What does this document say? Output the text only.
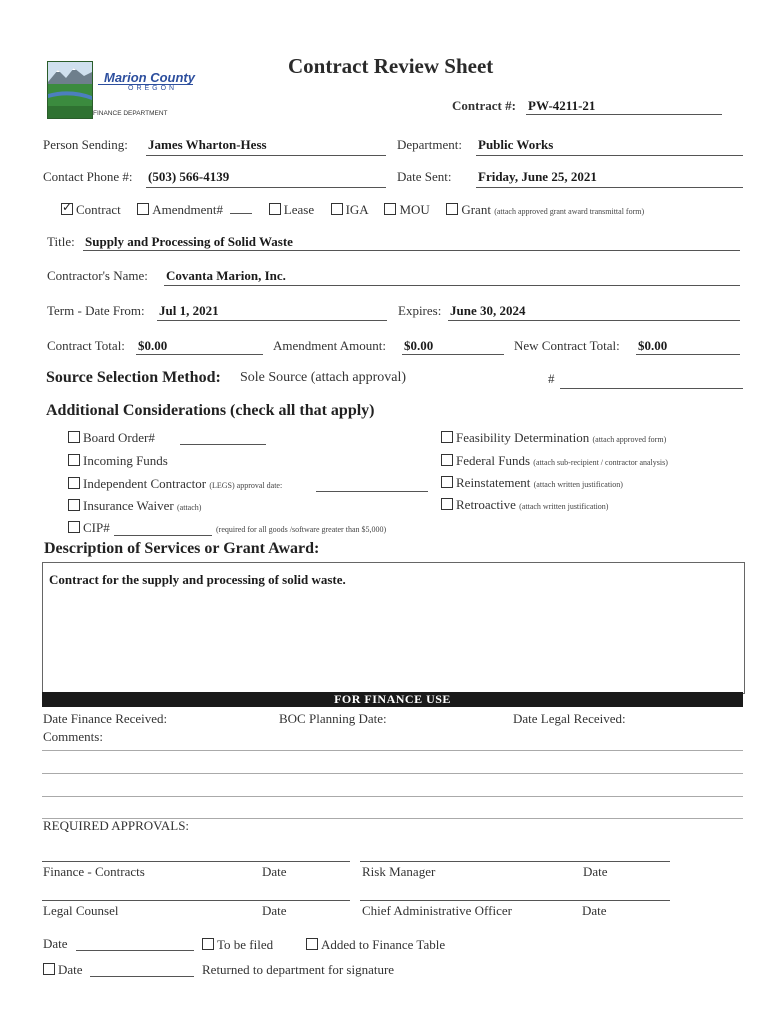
Marion County
OREGON
FINANCE DEPARTMENT
Contract Review Sheet
Contract #: PW-4211-21
Person Sending: James Wharton-Hess	Department: Public Works
Contact Phone #: (503) 566-4139	Date Sent: Friday, June 25, 2021
✓Contract Amendment#	Lease IGA MOU Grant (attach approved grant award transmittal form)
Title: Supply and Processing of Solid Waste
Contractor's Name: Covanta Marion, Inc.
Term - Date From: Jul 1, 2021	Expires: June 30, 2024
Contract Total: $0.00	Amendment Amount: $0.00	New Contract Total: $0.00
Source Selection Method: Sole Source (attach approval)	#
Additional Considerations (check all that apply)
Board Order#
Incoming Funds
Independent Contractor (LEGS) approval date:
Insurance Waiver (attach)
CIP#	(required for all goods /software greater than $5,000)
Feasibility Determination (attach approved form)
Federal Funds (attach sub-recipient / contractor analysis)
Reinstatement (attach written justification)
Retroactive (attach written justification)
Description of Services or Grant Award:
Contract for the supply and processing of solid waste.
FOR FINANCE USE
Date Finance Received:	BOC Planning Date:	Date Legal Received:
Comments:
REQUIRED APPROVALS:
Finance - Contracts	Date	Risk Manager	Date
Legal Counsel	Date	Chief Administrative Officer	Date
Date	To be filed	Added to Finance Table
Date	Returned to department for signature
